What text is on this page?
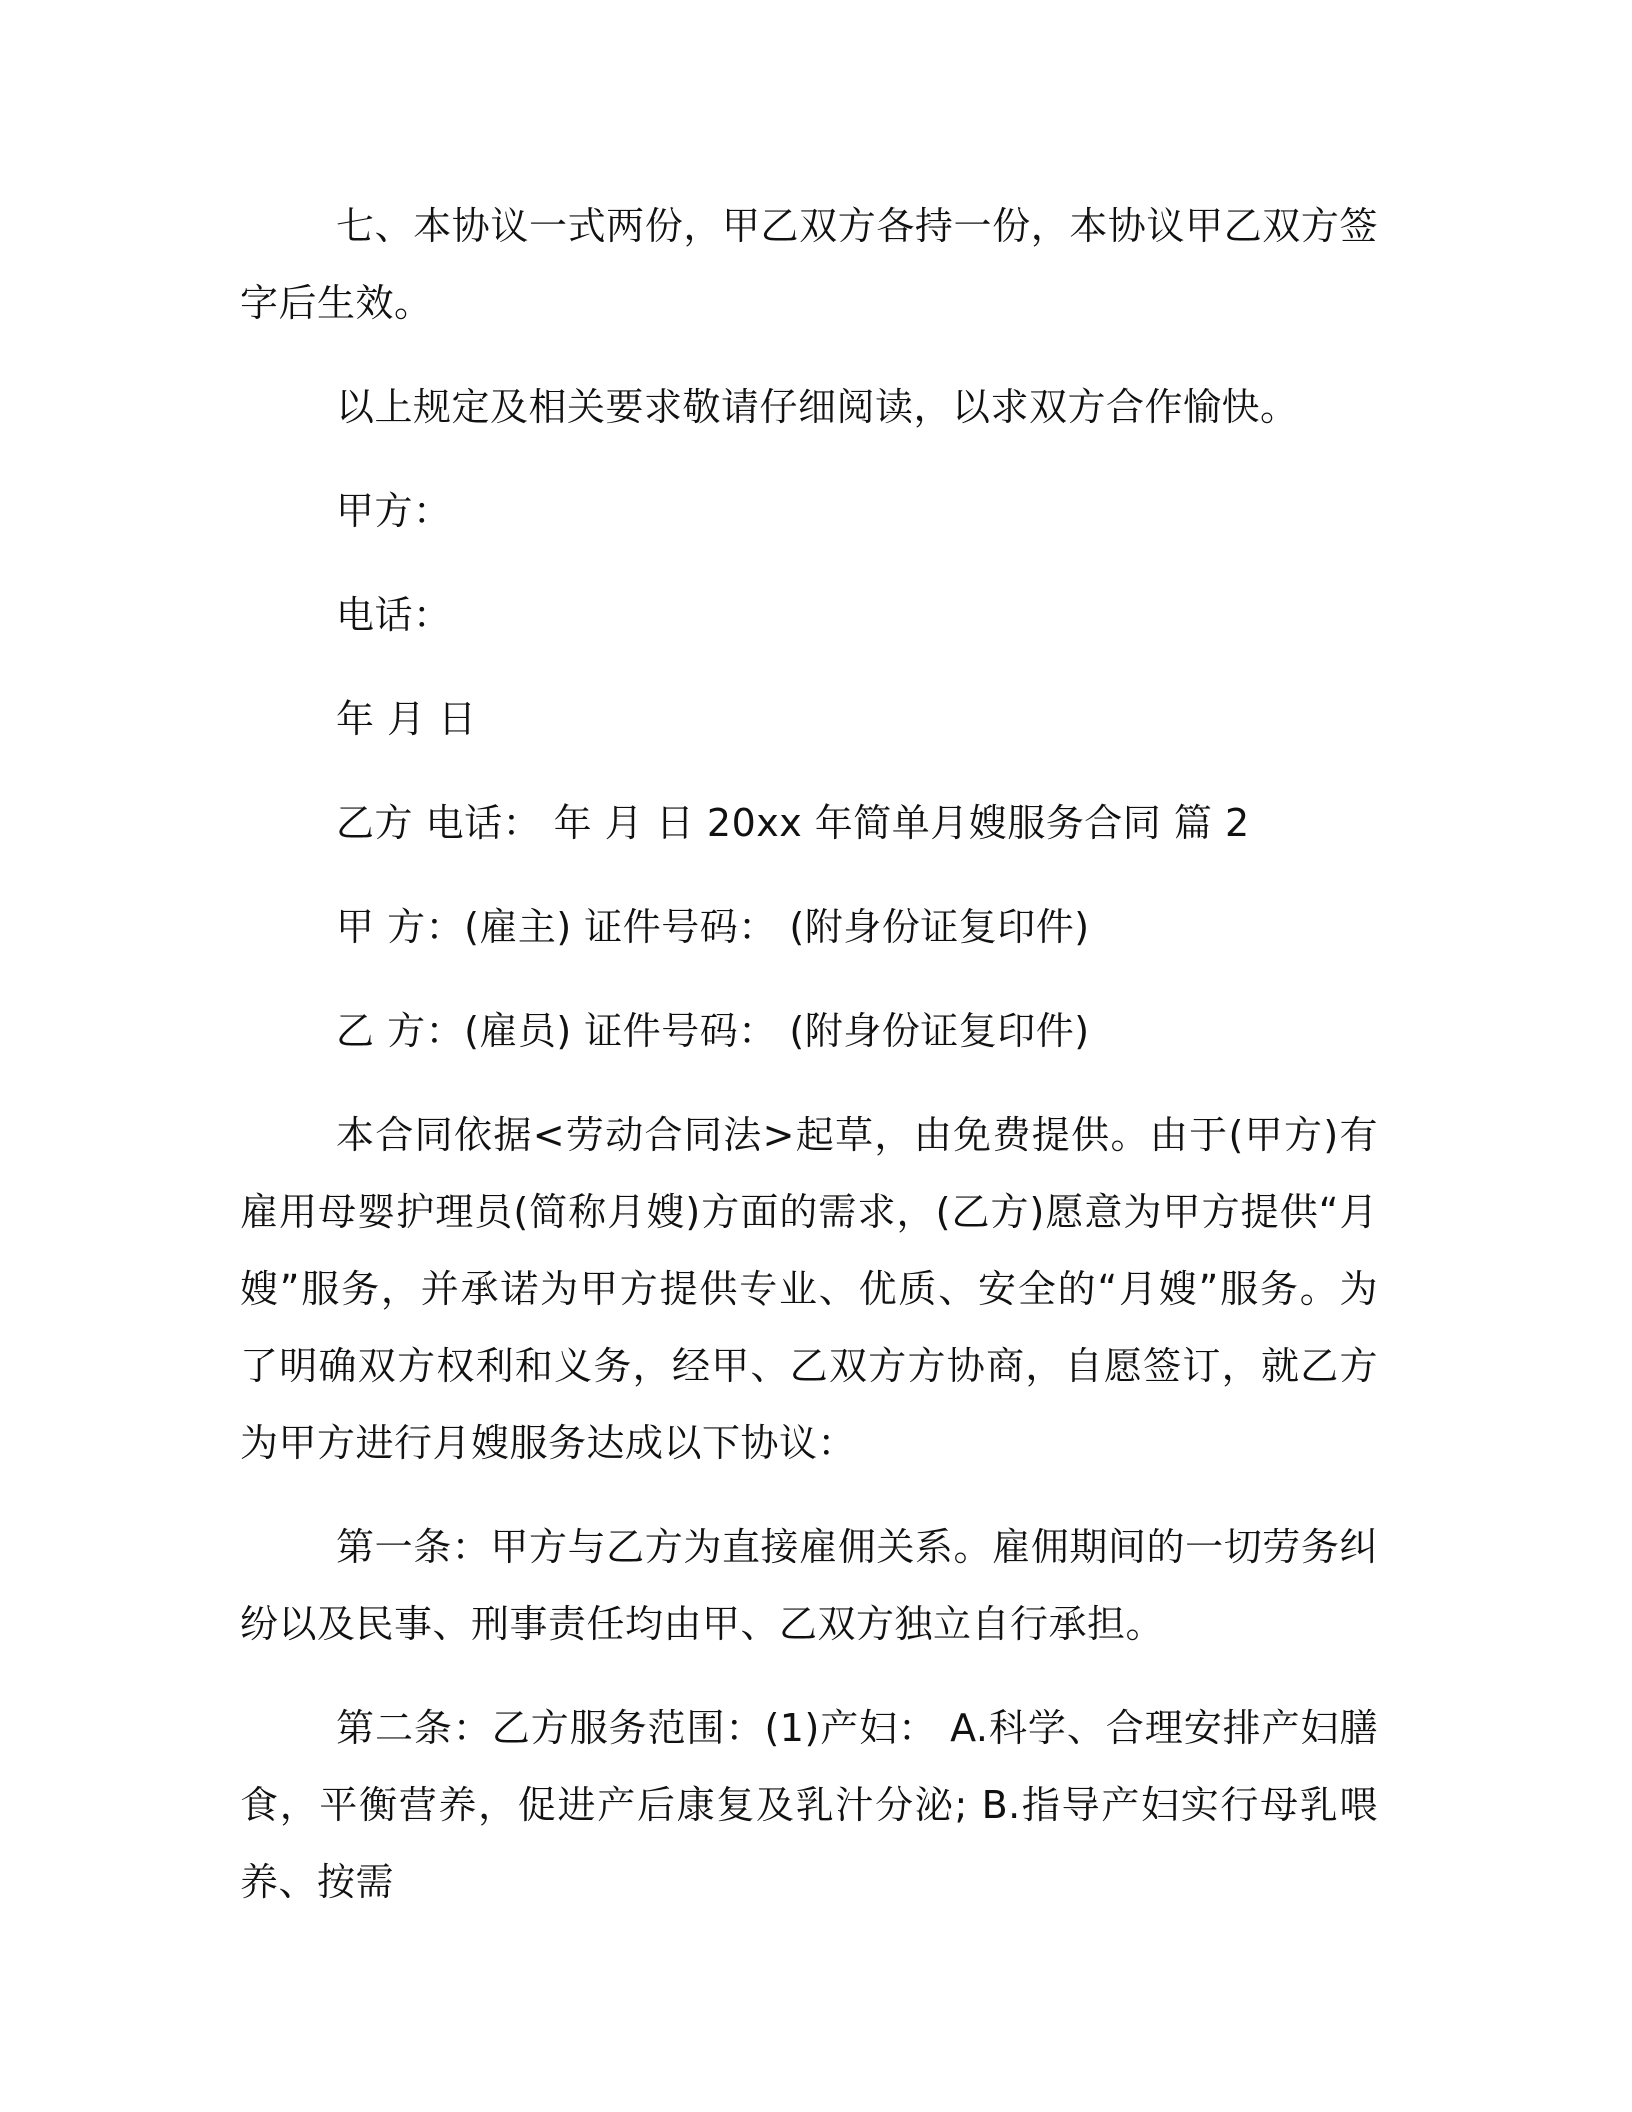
七、本协议一式两份，甲乙双方各持一份，本协议甲乙双方签字后生效。

以上规定及相关要求敬请仔细阅读，以求双方合作愉快。

甲方：

电话：

年 月 日

乙方 电话： 年 月 日 20xx 年简单月嫂服务合同 篇 2

甲 方：(雇主) 证件号码： (附身份证复印件)

乙 方：(雇员) 证件号码： (附身份证复印件)

本合同依据<劳动合同法>起草，由免费提供。由于(甲方)有雇用母婴护理员(简称月嫂)方面的需求，(乙方)愿意为甲方提供“月嫂”服务，并承诺为甲方提供专业、优质、安全的“月嫂”服务。为了明确双方权利和义务，经甲、乙双方方协商，自愿签订，就乙方为甲方进行月嫂服务达成以下协议：

第一条：甲方与乙方为直接雇佣关系。雇佣期间的一切劳务纠纷以及民事、刑事责任均由甲、乙双方独立自行承担。

第二条：乙方服务范围：(1)产妇： A.科学、合理安排产妇膳食，平衡营养，促进产后康复及乳汁分泌; B.指导产妇实行母乳喂养、按需
